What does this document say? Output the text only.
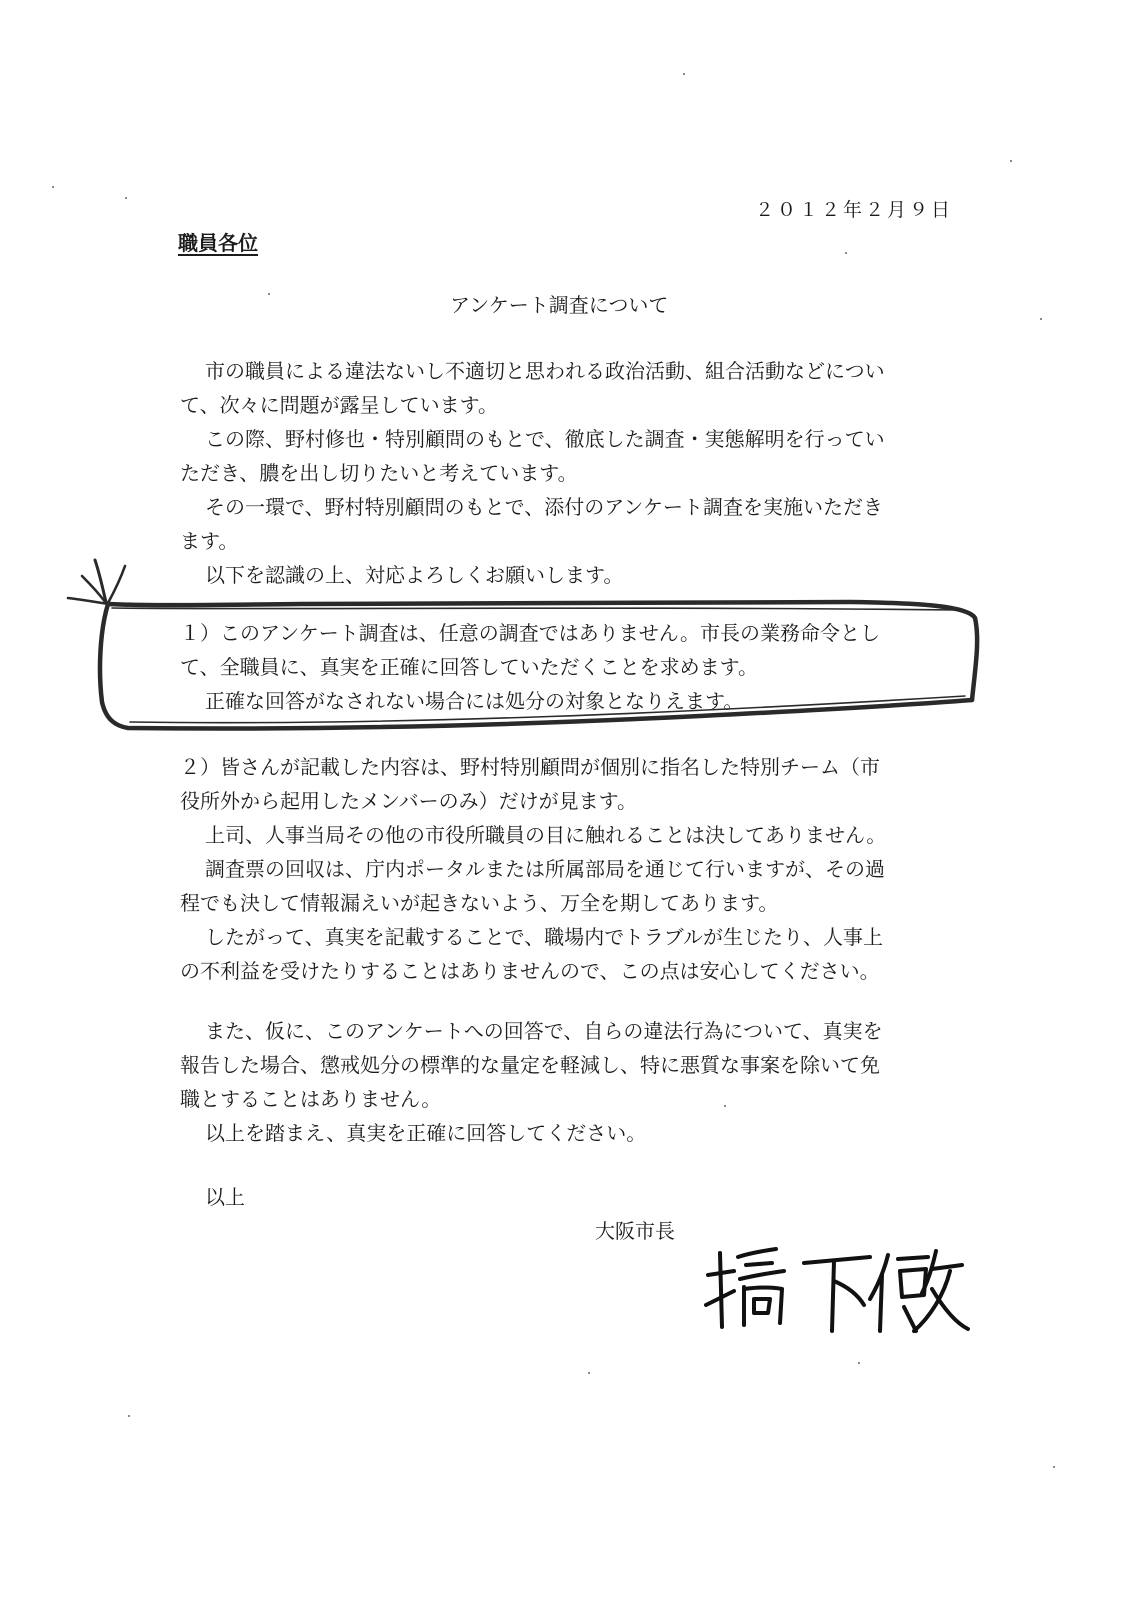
２０１２年２月９日

職員各位

アンケート調査について

市の職員による違法ないし不適切と思われる政治活動、組合活動などについ

て、次々に問題が露呈しています。

この際、野村修也・特別顧問のもとで、徹底した調査・実態解明を行ってい

ただき、膿を出し切りたいと考えています。

その一環で、野村特別顧問のもとで、添付のアンケート調査を実施いただき

ます。

以下を認識の上、対応よろしくお願いします。

１）このアンケート調査は、任意の調査ではありません。市長の業務命令とし

て、全職員に、真実を正確に回答していただくことを求めます。

正確な回答がなされない場合には処分の対象となりえます。

２）皆さんが記載した内容は、野村特別顧問が個別に指名した特別チーム（市

役所外から起用したメンバーのみ）だけが見ます。

上司、人事当局その他の市役所職員の目に触れることは決してありません。

調査票の回収は、庁内ポータルまたは所属部局を通じて行いますが、その過

程でも決して情報漏えいが起きないよう、万全を期してあります。

したがって、真実を記載することで、職場内でトラブルが生じたり、人事上

の不利益を受けたりすることはありませんので、この点は安心してください。

また、仮に、このアンケートへの回答で、自らの違法行為について、真実を

報告した場合、懲戒処分の標準的な量定を軽減し、特に悪質な事案を除いて免

職とすることはありません。

以上を踏まえ、真実を正確に回答してください。

以上

大阪市長
